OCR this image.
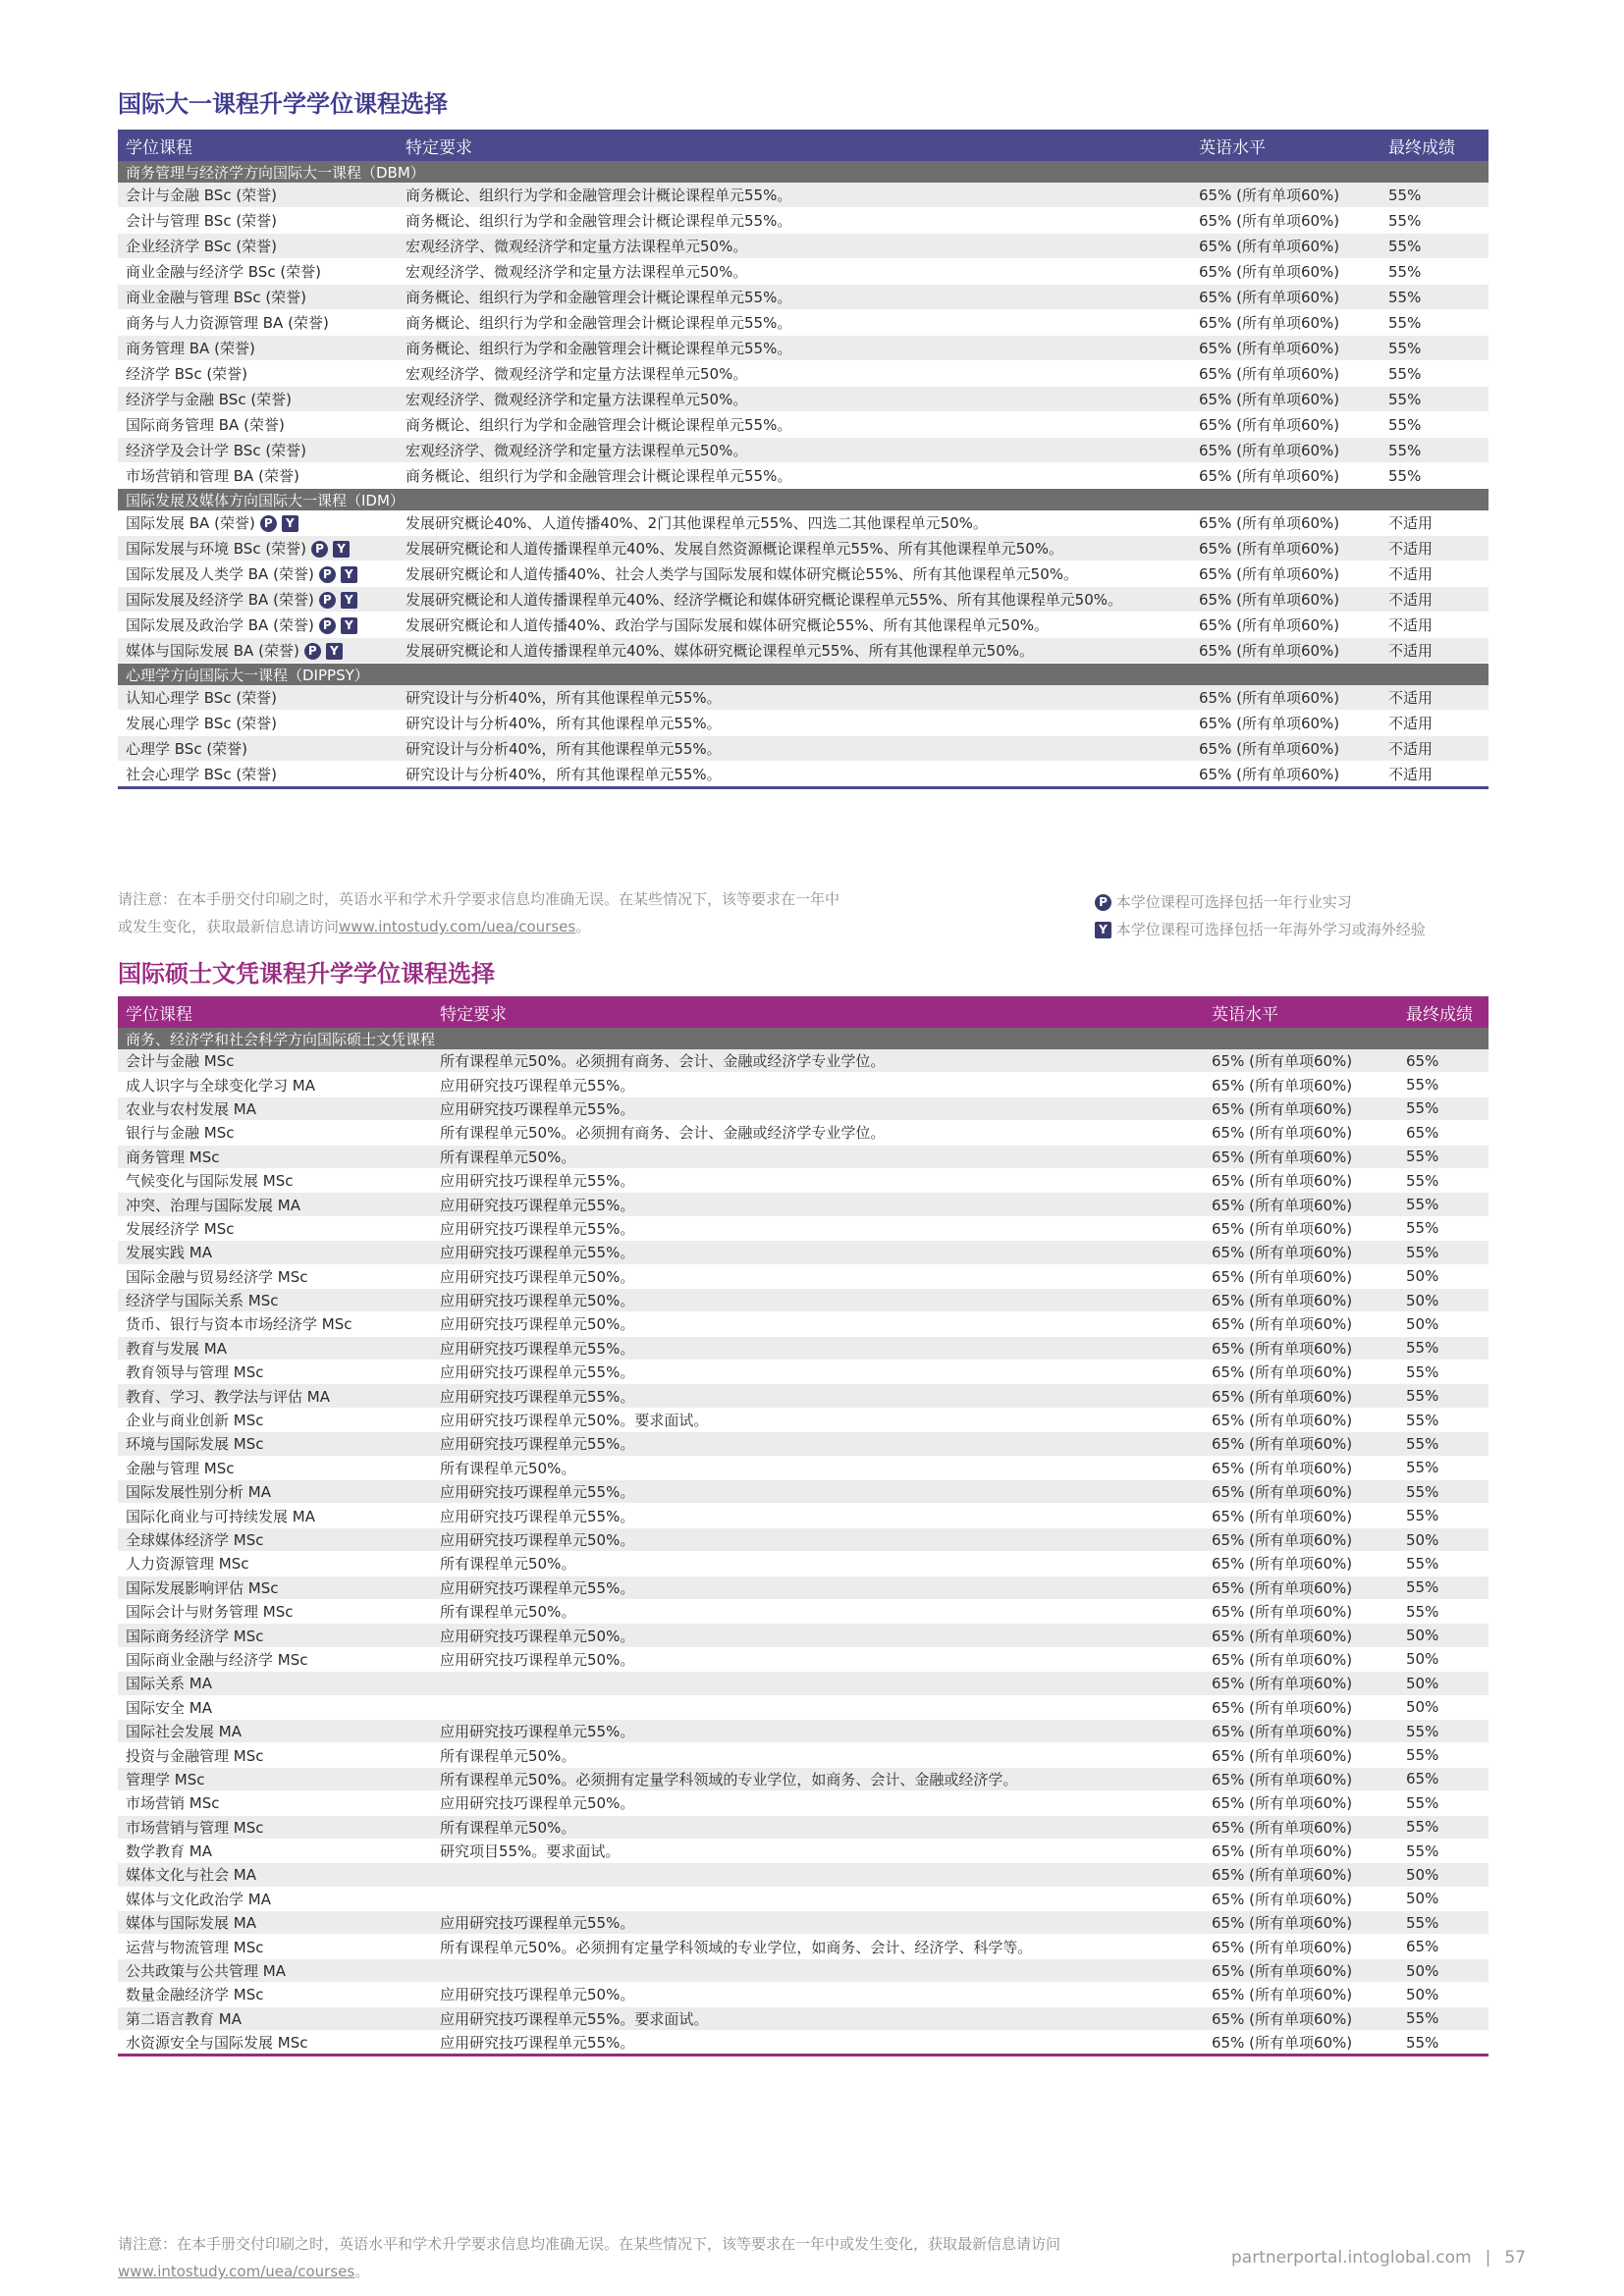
国际大一课程升学学位课程选择
学位课程	特定要求	英语水平	最终成绩
商务管理与经济学方向国际大一课程（DBM）			
会计与金融 BSc (荣誉)	商务概论、组织行为学和金融管理会计概论课程单元55%。	65% (所有单项60%)	55%
会计与管理 BSc (荣誉)	商务概论、组织行为学和金融管理会计概论课程单元55%。	65% (所有单项60%)	55%
企业经济学 BSc (荣誉)	宏观经济学、微观经济学和定量方法课程单元50%。	65% (所有单项60%)	55%
商业金融与经济学 BSc (荣誉)	宏观经济学、微观经济学和定量方法课程单元50%。	65% (所有单项60%)	55%
商业金融与管理 BSc (荣誉)	商务概论、组织行为学和金融管理会计概论课程单元55%。	65% (所有单项60%)	55%
商务与人力资源管理 BA (荣誉)	商务概论、组织行为学和金融管理会计概论课程单元55%。	65% (所有单项60%)	55%
商务管理 BA (荣誉)	商务概论、组织行为学和金融管理会计概论课程单元55%。	65% (所有单项60%)	55%
经济学 BSc (荣誉)	宏观经济学、微观经济学和定量方法课程单元50%。	65% (所有单项60%)	55%
经济学与金融 BSc (荣誉)	宏观经济学、微观经济学和定量方法课程单元50%。	65% (所有单项60%)	55%
国际商务管理 BA (荣誉)	商务概论、组织行为学和金融管理会计概论课程单元55%。	65% (所有单项60%)	55%
经济学及会计学 BSc (荣誉)	宏观经济学、微观经济学和定量方法课程单元50%。	65% (所有单项60%)	55%
市场营销和管理 BA (荣誉)	商务概论、组织行为学和金融管理会计概论课程单元55%。	65% (所有单项60%)	55%
国际发展及媒体方向国际大一课程（IDM）			
国际发展 BA (荣誉) P Y	发展研究概论40%、人道传播40%、2门其他课程单元55%、四选二其他课程单元50%。	65% (所有单项60%)	不适用
国际发展与环境 BSc (荣誉) P Y	发展研究概论和人道传播课程单元40%、发展自然资源概论课程单元55%、所有其他课程单元50%。	65% (所有单项60%)	不适用
国际发展及人类学 BA (荣誉) P Y	发展研究概论和人道传播40%、社会人类学与国际发展和媒体研究概论55%、所有其他课程单元50%。	65% (所有单项60%)	不适用
国际发展及经济学 BA (荣誉) P Y	发展研究概论和人道传播课程单元40%、经济学概论和媒体研究概论课程单元55%、所有其他课程单元50%。	65% (所有单项60%)	不适用
国际发展及政治学 BA (荣誉) P Y	发展研究概论和人道传播40%、政治学与国际发展和媒体研究概论55%、所有其他课程单元50%。	65% (所有单项60%)	不适用
媒体与国际发展 BA (荣誉) P Y	发展研究概论和人道传播课程单元40%、媒体研究概论课程单元55%、所有其他课程单元50%。	65% (所有单项60%)	不适用
心理学方向国际大一课程（DIPPSY）			
认知心理学 BSc (荣誉)	研究设计与分析40%，所有其他课程单元55%。	65% (所有单项60%)	不适用
发展心理学 BSc (荣誉)	研究设计与分析40%，所有其他课程单元55%。	65% (所有单项60%)	不适用
心理学 BSc (荣誉)	研究设计与分析40%，所有其他课程单元55%。	65% (所有单项60%)	不适用
社会心理学 BSc (荣誉)	研究设计与分析40%，所有其他课程单元55%。	65% (所有单项60%)	不适用
请注意：在本手册交付印刷之时，英语水平和学术升学要求信息均准确无误。在某些情况下，该等要求在一年中或发生变化，获取最新信息请访问www.intostudy.com/uea/courses。
P 本学位课程可选择包括一年行业实习
Y 本学位课程可选择包括一年海外学习或海外经验
国际硕士文凭课程升学学位课程选择
学位课程	特定要求	英语水平	最终成绩
商务、经济学和社会科学方向国际硕士文凭课程			
会计与金融 MSc	所有课程单元50%。必须拥有商务、会计、金融或经济学专业学位。	65% (所有单项60%)	65%
成人识字与全球变化学习 MA	应用研究技巧课程单元55%。	65% (所有单项60%)	55%
农业与农村发展 MA	应用研究技巧课程单元55%。	65% (所有单项60%)	55%
银行与金融 MSc	所有课程单元50%。必须拥有商务、会计、金融或经济学专业学位。	65% (所有单项60%)	65%
商务管理 MSc	所有课程单元50%。	65% (所有单项60%)	55%
气候变化与国际发展 MSc	应用研究技巧课程单元55%。	65% (所有单项60%)	55%
冲突、治理与国际发展 MA	应用研究技巧课程单元55%。	65% (所有单项60%)	55%
发展经济学 MSc	应用研究技巧课程单元55%。	65% (所有单项60%)	55%
发展实践 MA	应用研究技巧课程单元55%。	65% (所有单项60%)	55%
国际金融与贸易经济学 MSc	应用研究技巧课程单元50%。	65% (所有单项60%)	50%
经济学与国际关系 MSc	应用研究技巧课程单元50%。	65% (所有单项60%)	50%
货币、银行与资本市场经济学 MSc	应用研究技巧课程单元50%。	65% (所有单项60%)	50%
教育与发展 MA	应用研究技巧课程单元55%。	65% (所有单项60%)	55%
教育领导与管理 MSc	应用研究技巧课程单元55%。	65% (所有单项60%)	55%
教育、学习、教学法与评估 MA	应用研究技巧课程单元55%。	65% (所有单项60%)	55%
企业与商业创新 MSc	应用研究技巧课程单元50%。要求面试。	65% (所有单项60%)	55%
环境与国际发展 MSc	应用研究技巧课程单元55%。	65% (所有单项60%)	55%
金融与管理 MSc	所有课程单元50%。	65% (所有单项60%)	55%
国际发展性别分析 MA	应用研究技巧课程单元55%。	65% (所有单项60%)	55%
国际化商业与可持续发展 MA	应用研究技巧课程单元55%。	65% (所有单项60%)	55%
全球媒体经济学 MSc	应用研究技巧课程单元50%。	65% (所有单项60%)	50%
人力资源管理 MSc	所有课程单元50%。	65% (所有单项60%)	55%
国际发展影响评估 MSc	应用研究技巧课程单元55%。	65% (所有单项60%)	55%
国际会计与财务管理 MSc	所有课程单元50%。	65% (所有单项60%)	55%
国际商务经济学 MSc	应用研究技巧课程单元50%。	65% (所有单项60%)	50%
国际商业金融与经济学 MSc	应用研究技巧课程单元50%。	65% (所有单项60%)	50%
国际关系 MA		65% (所有单项60%)	50%
国际安全 MA		65% (所有单项60%)	50%
国际社会发展 MA	应用研究技巧课程单元55%。	65% (所有单项60%)	55%
投资与金融管理 MSc	所有课程单元50%。	65% (所有单项60%)	55%
管理学 MSc	所有课程单元50%。必须拥有定量学科领域的专业学位，如商务、会计、金融或经济学。	65% (所有单项60%)	65%
市场营销 MSc	应用研究技巧课程单元50%。	65% (所有单项60%)	55%
市场营销与管理 MSc	所有课程单元50%。	65% (所有单项60%)	55%
数学教育 MA	研究项目55%。要求面试。	65% (所有单项60%)	55%
媒体文化与社会 MA		65% (所有单项60%)	50%
媒体与文化政治学 MA		65% (所有单项60%)	50%
媒体与国际发展 MA	应用研究技巧课程单元55%。	65% (所有单项60%)	55%
运营与物流管理 MSc	所有课程单元50%。必须拥有定量学科领域的专业学位，如商务、会计、经济学、科学等。	65% (所有单项60%)	65%
公共政策与公共管理 MA		65% (所有单项60%)	50%
数量金融经济学 MSc	应用研究技巧课程单元50%。	65% (所有单项60%)	50%
第二语言教育 MA	应用研究技巧课程单元55%。要求面试。	65% (所有单项60%)	55%
水资源安全与国际发展 MSc	应用研究技巧课程单元55%。	65% (所有单项60%)	55%
请注意：在本手册交付印刷之时，英语水平和学术升学要求信息均准确无误。在某些情况下，该等要求在一年中或发生变化，获取最新信息请访问www.intostudy.com/uea/courses。
partnerportal.intoglobal.com | 57
